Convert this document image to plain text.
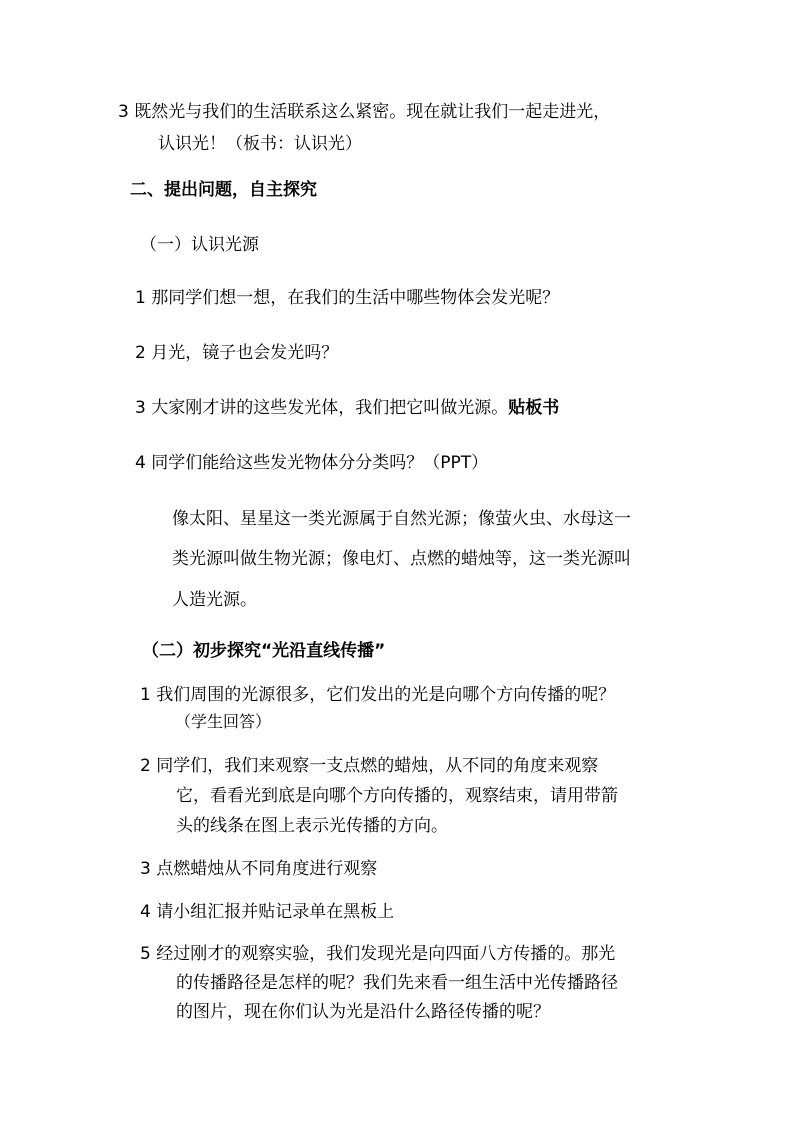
3 既然光与我们的生活联系这么紧密。现在就让我们一起走进光，
认识光！（板书：认识光）
二、提出问题，自主探究
（一）认识光源
1 那同学们想一想，在我们的生活中哪些物体会发光呢？
2 月光，镜子也会发光吗？
3 大家刚才讲的这些发光体，我们把它叫做光源。贴板书
4 同学们能给这些发光物体分分类吗？（PPT）
像太阳、星星这一类光源属于自然光源；像萤火虫、水母这一
类光源叫做生物光源；像电灯、点燃的蜡烛等，这一类光源叫
人造光源。
（二）初步探究“光沿直线传播”
1 我们周围的光源很多，它们发出的光是向哪个方向传播的呢？
（学生回答）
2 同学们，我们来观察一支点燃的蜡烛，从不同的角度来观察
它，看看光到底是向哪个方向传播的，观察结束，请用带箭
头的线条在图上表示光传播的方向。
3 点燃蜡烛从不同角度进行观察
4 请小组汇报并贴记录单在黑板上
5 经过刚才的观察实验，我们发现光是向四面八方传播的。那光
的传播路径是怎样的呢？我们先来看一组生活中光传播路径
的图片，现在你们认为光是沿什么路径传播的呢？
